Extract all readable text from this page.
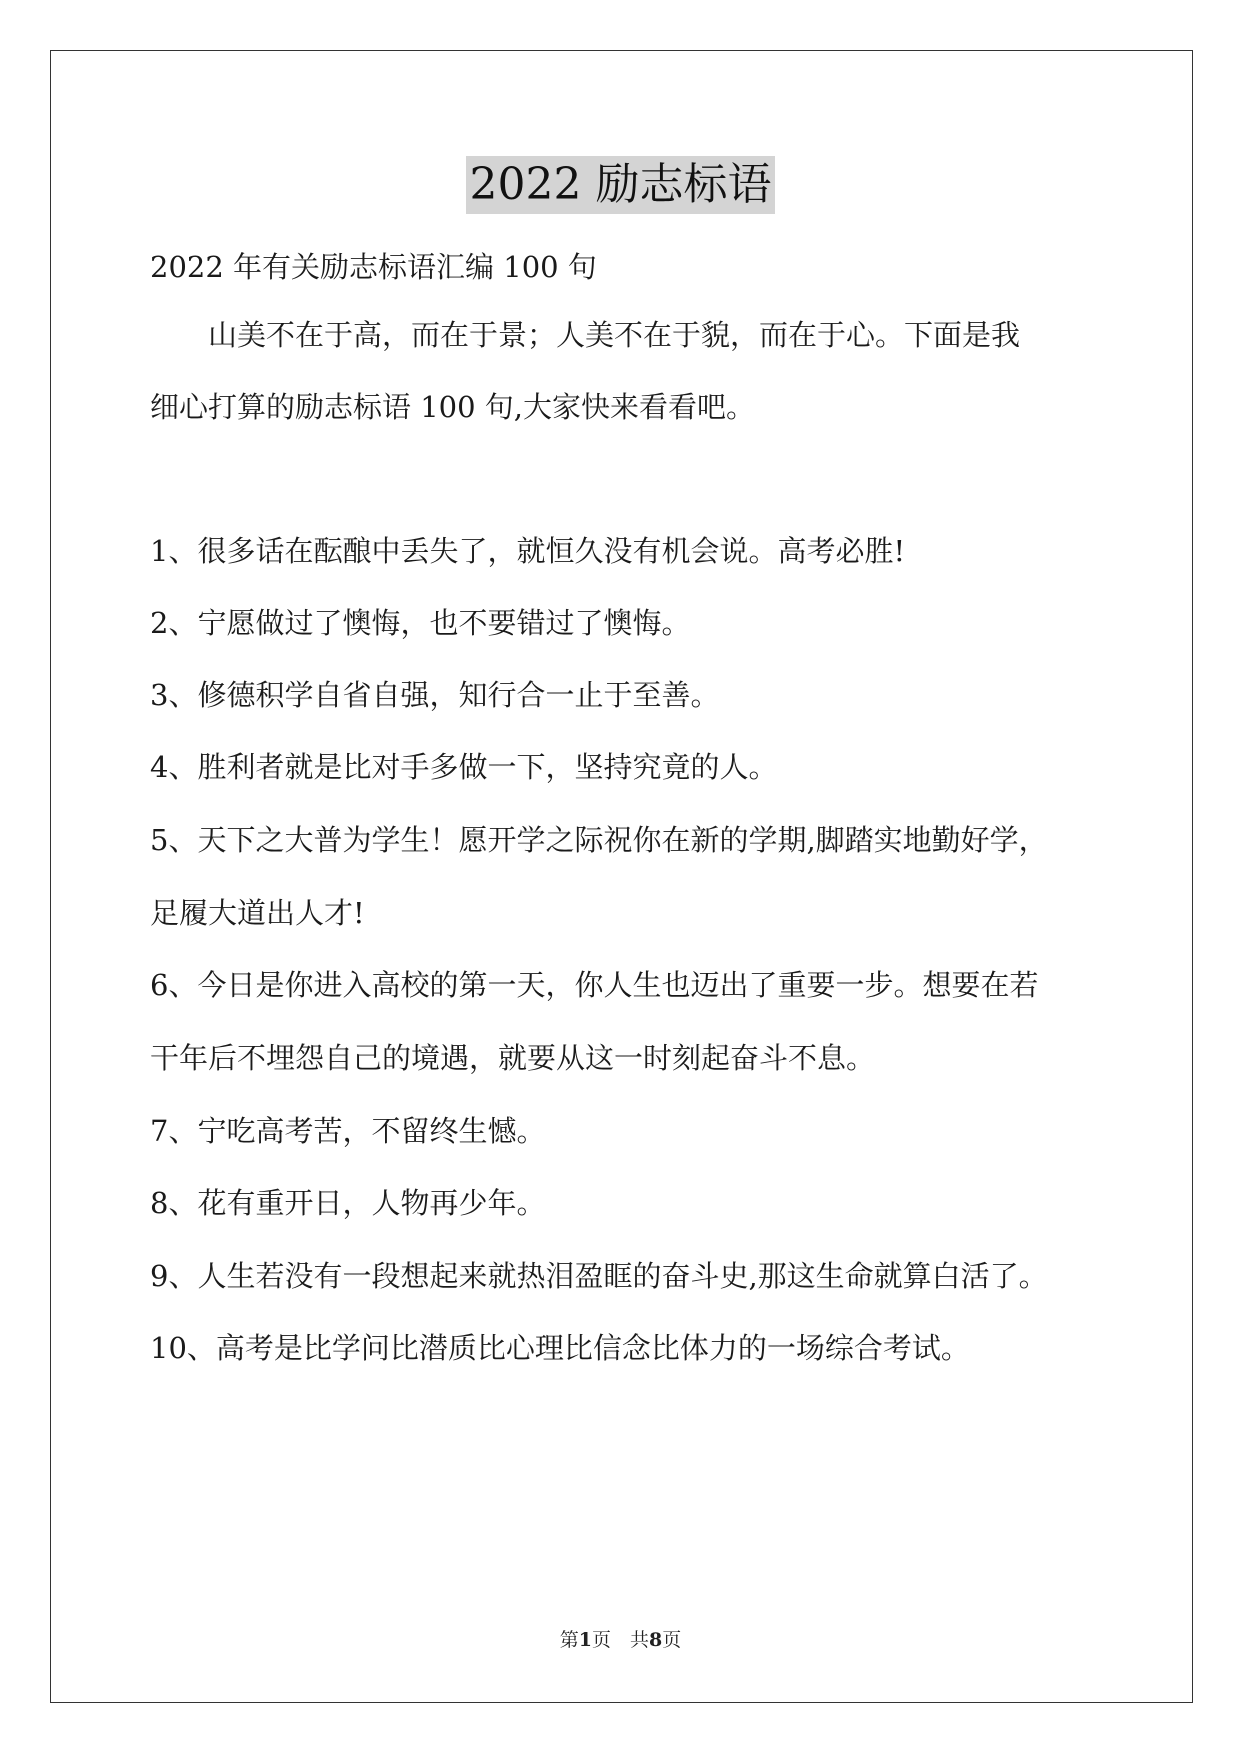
2022 励志标语
2022 年有关励志标语汇编 100 句
　　山美不在于高，而在于景；人美不在于貌，而在于心。下面是我
细心打算的励志标语 100 句,大家快来看看吧。
1、很多话在酝酿中丢失了，就恒久没有机会说。高考必胜!
2、宁愿做过了懊悔，也不要错过了懊悔。
3、修德积学自省自强，知行合一止于至善。
4、胜利者就是比对手多做一下，坚持究竟的人。
5、天下之大普为学生！愿开学之际祝你在新的学期,脚踏实地勤好学，
足履大道出人才!
6、今日是你进入高校的第一天，你人生也迈出了重要一步。想要在若
干年后不埋怨自己的境遇，就要从这一时刻起奋斗不息。
7、宁吃高考苦，不留终生憾。
8、花有重开日，人物再少年。
9、人生若没有一段想起来就热泪盈眶的奋斗史,那这生命就算白活了。
10、高考是比学问比潜质比心理比信念比体力的一场综合考试。
第1页　共8页
